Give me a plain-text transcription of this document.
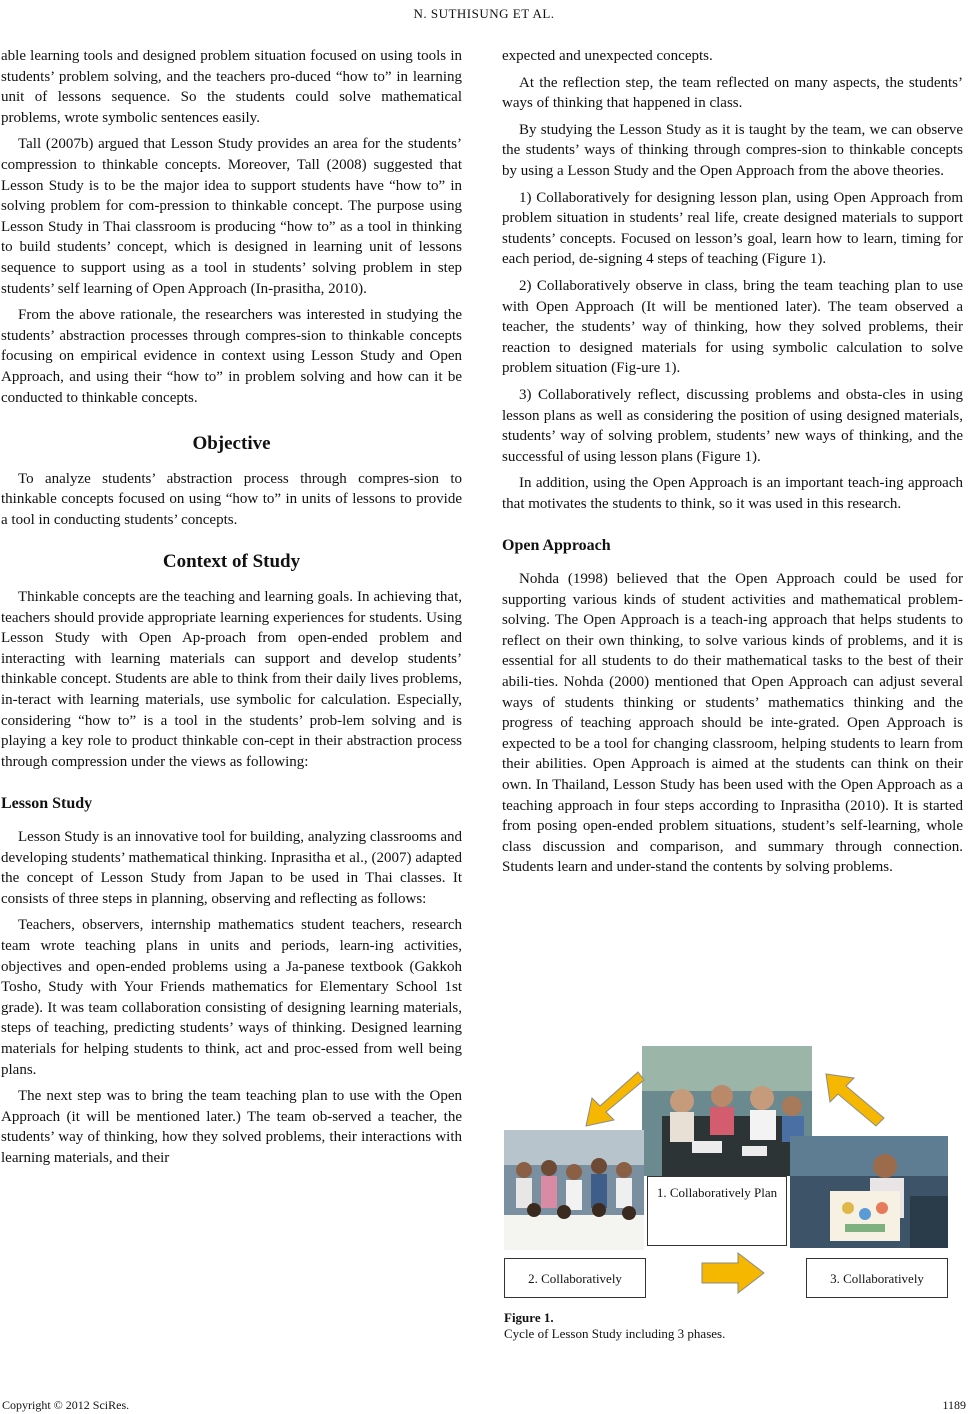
N. SUTHISUNG ET AL.

able learning tools and designed problem situation focused on using tools in students’ problem solving, and the teachers pro-duced “how to” in learning unit of lessons sequence. So the students could solve mathematical problems, wrote symbolic sentences easily.

Tall (2007b) argued that Lesson Study provides an area for the students’ compression to thinkable concepts. Moreover, Tall (2008) suggested that Lesson Study is to be the major idea to support students have “how to” in solving problem for com-pression to thinkable concept. The purpose using Lesson Study in Thai classroom is producing “how to” as a tool in thinking to build students’ concept, which is designed in learning unit of lessons sequence to support using as a tool in students’ solving problem in step students’ self learning of Open Approach (In-prasitha, 2010).

From the above rationale, the researchers was interested in studying the students’ abstraction processes through compres-sion to thinkable concepts focusing on empirical evidence in context using Lesson Study and Open Approach, and using their “how to” in problem solving and how can it be conducted to thinkable concepts.

Objective

To analyze students’ abstraction process through compres-sion to thinkable concepts focused on using “how to” in units of lessons to provide a tool in conducting students’ concepts.

Context of Study

Thinkable concepts are the teaching and learning goals. In achieving that, teachers should provide appropriate learning experiences for students. Using Lesson Study with Open Ap-proach from open-ended problem and interacting with learning materials can support and develop students’ thinkable concept. Students are able to think from their daily lives problems, in-teract with learning materials, use symbolic for calculation. Especially, considering “how to” is a tool in the students’ prob-lem solving and is playing a key role to product thinkable con-cept in their abstraction process through compression under the views as following:

Lesson Study

Lesson Study is an innovative tool for building, analyzing classrooms and developing students’ mathematical thinking. Inprasitha et al., (2007) adapted the concept of Lesson Study from Japan to be used in Thai classes. It consists of three steps in planning, observing and reflecting as follows:

Teachers, observers, internship mathematics student teachers, research team wrote teaching plans in units and periods, learn-ing activities, objectives and open-ended problems using a Ja-panese textbook (Gakkoh Tosho, Study with Your Friends mathematics for Elementary School 1st grade). It was team collaboration consisting of designing learning materials, steps of teaching, predicting students’ ways of thinking. Designed learning materials for helping students to think, act and proc-essed from well being plans.

The next step was to bring the team teaching plan to use with the Open Approach (it will be mentioned later.) The team ob-served a teacher, the students’ way of thinking, how they solved problems, their interactions with learning materials, and their

expected and unexpected concepts.

At the reflection step, the team reflected on many aspects, the students’ ways of thinking that happened in class.

By studying the Lesson Study as it is taught by the team, we can observe the students’ ways of thinking through compres-sion to thinkable concepts by using a Lesson Study and the Open Approach from the above theories.

1) Collaboratively for designing lesson plan, using Open Approach from problem situation in students’ real life, create designed materials to support students’ concepts. Focused on lesson’s goal, learn how to learn, timing for each period, de-signing 4 steps of teaching (Figure 1).

2) Collaboratively observe in class, bring the team teaching plan to use with Open Approach (It will be mentioned later). The team observed a teacher, the students’ way of thinking, how they solved problems, their reaction to designed materials for using symbolic calculation to solve problem situation (Fig-ure 1).

3) Collaboratively reflect, discussing problems and obsta-cles in using lesson plans as well as considering the position of using designed materials, students’ way of solving problem, students’ new ways of thinking, and the successful of using lesson plans (Figure 1).

In addition, using the Open Approach is an important teach-ing approach that motivates the students to think, so it was used in this research.

Open Approach

Nohda (1998) believed that the Open Approach could be used for supporting various kinds of student activities and mathematical problem-solving. The Open Approach is a teach-ing approach that helps students to reflect on their own thinking, to solve various kinds of problems, and it is essential for all students to do their mathematical tasks to the best of their abili-ties. Nohda (2000) mentioned that Open Approach can adjust several ways of students thinking or students’ mathematics thinking and the progress of teaching approach should be inte-grated. Open Approach is expected to be a tool for changing classroom, helping students to learn from their abilities. Open Approach is aimed at the students can think on their own. In Thailand, Lesson Study has been used with the Open Approach as a teaching approach in four steps according to Inprasitha (2010). It is started from posing open-ended problem situations, student’s self-learning, whole class discussion and comparison, and summary through connection. Students learn and under-stand the contents by solving problems.

1. Collaboratively Plan
2. Collaboratively	3. Collaboratively
Figure 1.
Cycle of Lesson Study including 3 phases.
Copyright © 2012 SciRes.	1189
